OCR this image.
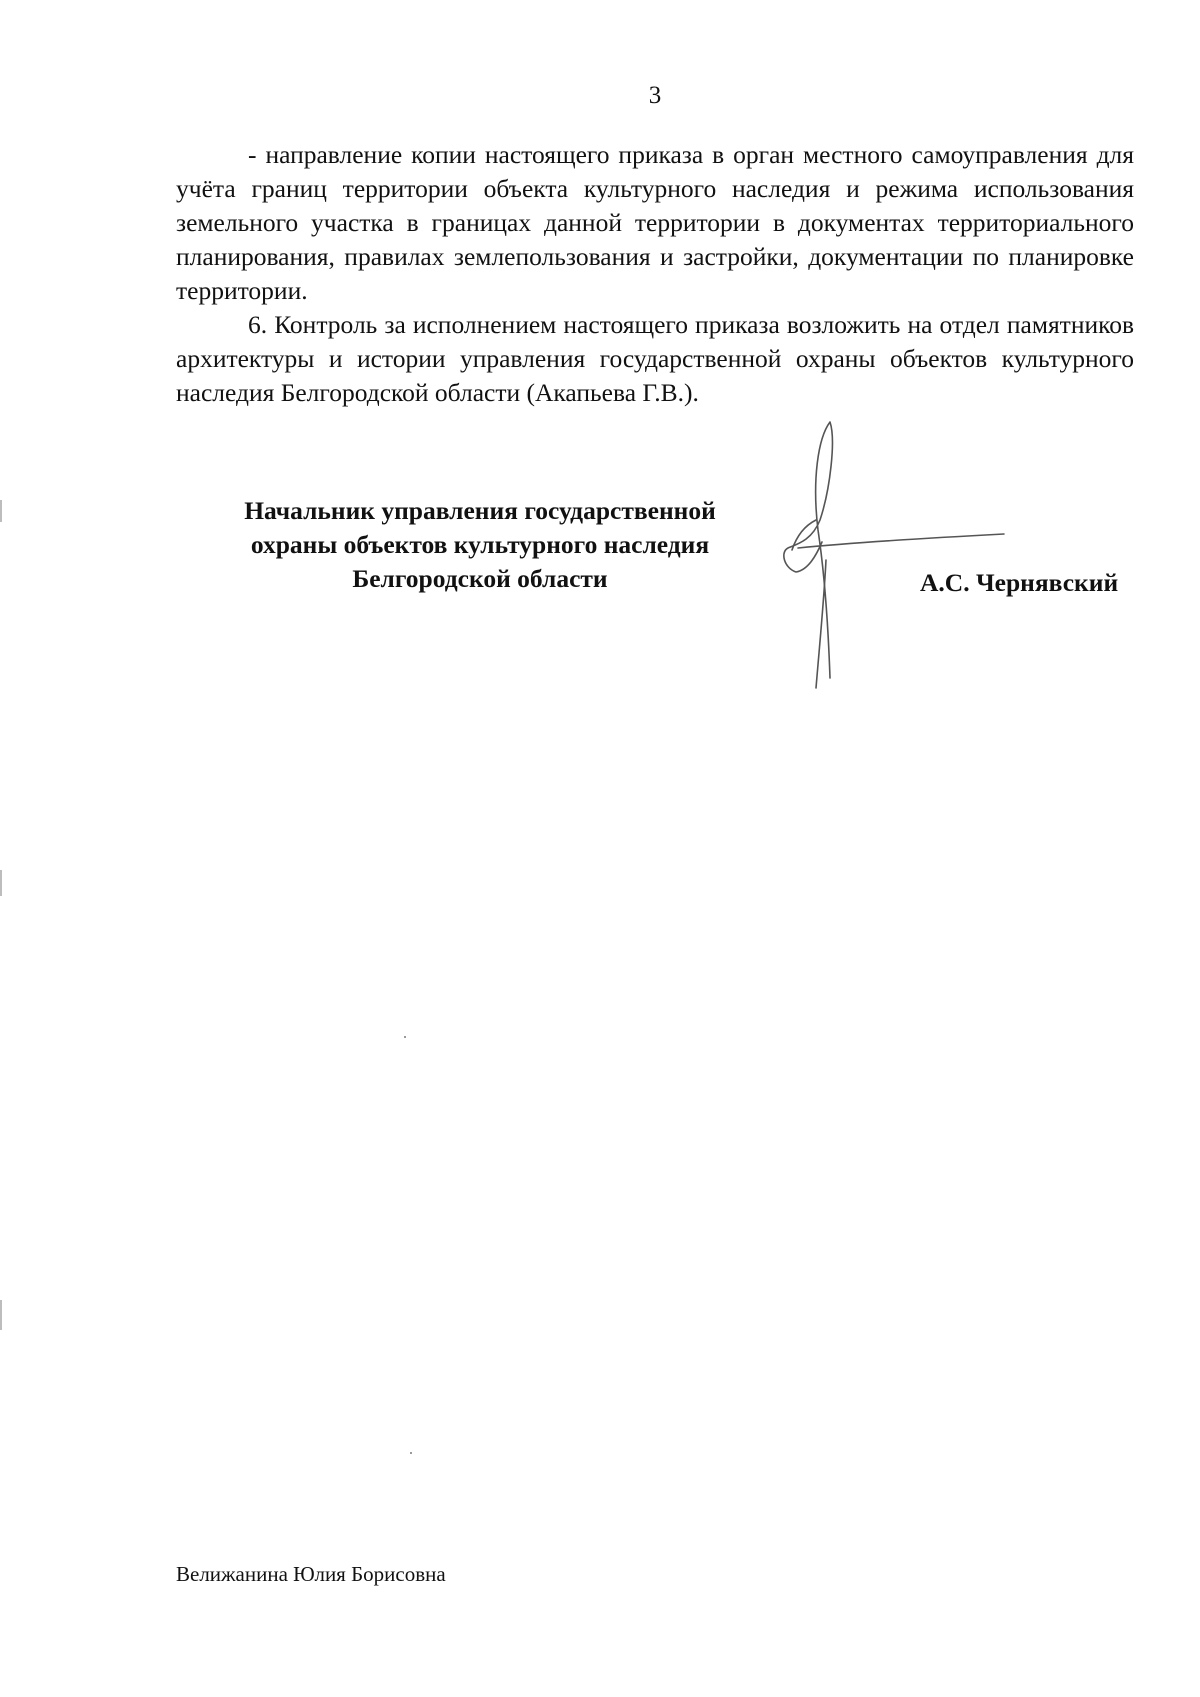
3

- направление копии настоящего приказа в орган местного самоуправления для учёта границ территории объекта культурного наследия и режима использования земельного участка в границах данной территории в документах территориального планирования, правилах землепользования и застройки, документации по планировке территории.

6. Контроль за исполнением настоящего приказа возложить на отдел памятников архитектуры и истории управления государственной охраны объектов культурного наследия Белгородской области (Акапьева Г.В.).

Начальник управления государственной
охраны объектов культурного наследия
Белгородской области	А.С. Чернявский
Велижанина Юлия Борисовна
